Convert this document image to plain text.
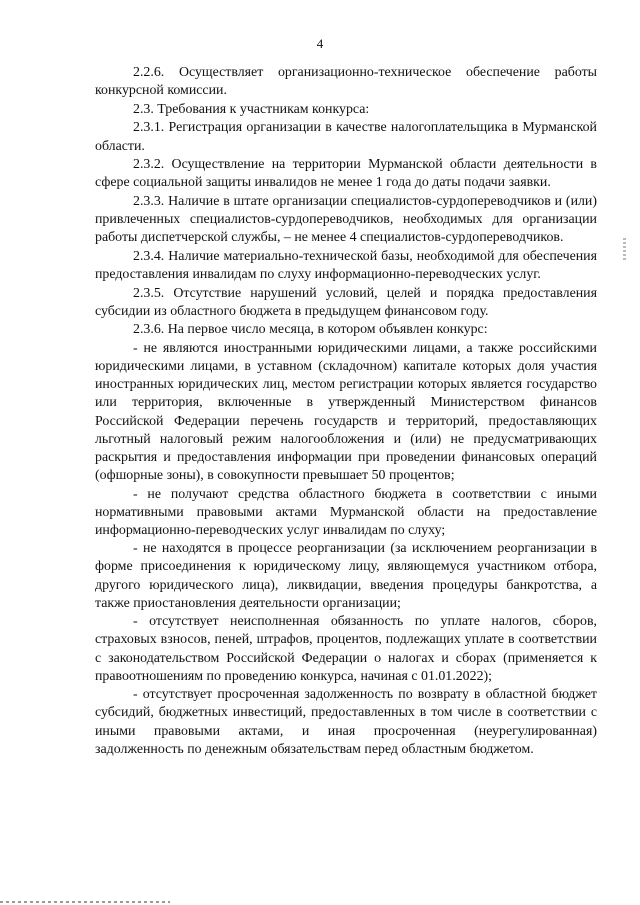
4

2.2.6. Осуществляет организационно-техническое обеспечение работы конкурсной комиссии.

2.3. Требования к участникам конкурса:

2.3.1. Регистрация организации в качестве налогоплательщика в Мурманской области.

2.3.2. Осуществление на территории Мурманской области деятельности в сфере социальной защиты инвалидов не менее 1 года до даты подачи заявки.

2.3.3. Наличие в штате организации специалистов-сурдопереводчиков и (или) привлеченных специалистов-сурдопереводчиков, необходимых для организации работы диспетчерской службы, – не менее 4 специалистов-сурдопереводчиков.

2.3.4. Наличие материально-технической базы, необходимой для обеспечения предоставления инвалидам по слуху информационно-переводческих услуг.

2.3.5. Отсутствие нарушений условий, целей и порядка предоставления субсидии из областного бюджета в предыдущем финансовом году.

2.3.6. На первое число месяца, в котором объявлен конкурс:

- не являются иностранными юридическими лицами, а также российскими юридическими лицами, в уставном (складочном) капитале которых доля участия иностранных юридических лиц, местом регистрации которых является государство или территория, включенные в утвержденный Министерством финансов Российской Федерации перечень государств и территорий, предоставляющих льготный налоговый режим налогообложения и (или) не предусматривающих раскрытия и предоставления информации при проведении финансовых операций (офшорные зоны), в совокупности превышает 50 процентов;

- не получают средства областного бюджета в соответствии с иными нормативными правовыми актами Мурманской области на предоставление информационно-переводческих услуг инвалидам по слуху;

- не находятся в процессе реорганизации (за исключением реорганизации в форме присоединения к юридическому лицу, являющемуся участником отбора, другого юридического лица), ликвидации, введения процедуры банкротства, а также приостановления деятельности организации;

- отсутствует неисполненная обязанность по уплате налогов, сборов, страховых взносов, пеней, штрафов, процентов, подлежащих уплате в соответствии с законодательством Российской Федерации о налогах и сборах (применяется к правоотношениям по проведению конкурса, начиная с 01.01.2022);

- отсутствует просроченная задолженность по возврату в областной бюджет субсидий, бюджетных инвестиций, предоставленных в том числе в соответствии с иными правовыми актами, и иная просроченная (неурегулированная) задолженность по денежным обязательствам перед областным бюджетом.
